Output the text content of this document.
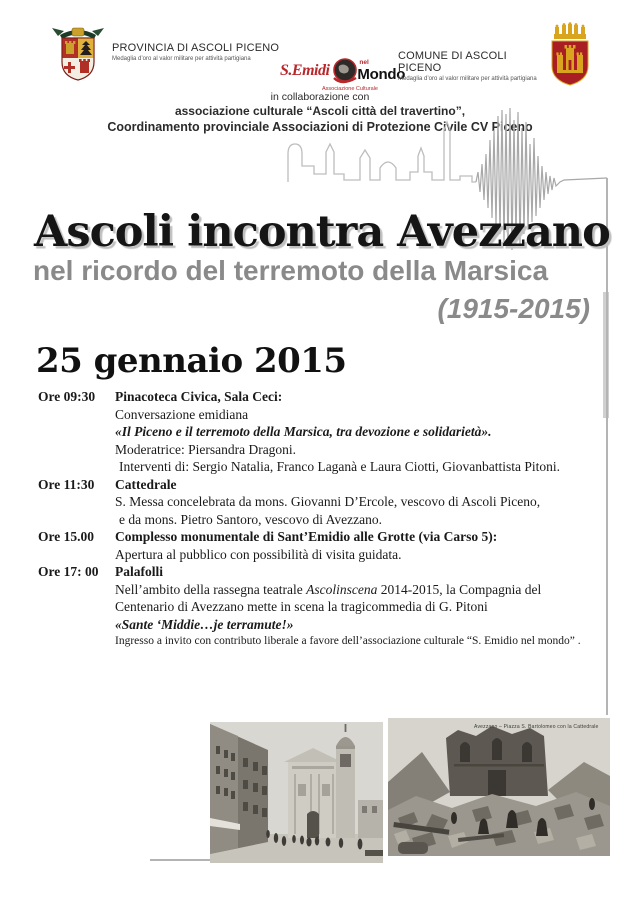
PROVINCIA DI ASCOLI PICENO
Medaglia d’oro al valor militare per attività partigiana
S.Emidi	nel
Mondo
Associazione Culturale
COMUNE DI ASCOLI PICENO
Medaglia d’oro al valor militare per attività partigiana
in collaborazione con
associazione culturale “Ascoli città del travertino”,
Coordinamento provinciale Associazioni di Protezione Civile CV Piceno
Ascoli incontra Avezzano
nel ricordo del terremoto della Marsica
(1915-2015)
25 gennaio 2015
Ore 09:30	Pinacoteca Civica, Sala Ceci:
Conversazione emidiana
«Il Piceno e il terremoto della Marsica, tra devozione e solidarietà».
Moderatrice: Piersandra Dragoni.
Interventi di: Sergio Natalia, Franco Laganà e Laura Ciotti, Giovanbattista Pitoni.
Ore 11:30	Cattedrale
S. Messa concelebrata da mons. Giovanni D’Ercole, vescovo di Ascoli Piceno,
e da mons. Pietro Santoro, vescovo di Avezzano.
Ore 15.00	Complesso monumentale di Sant’Emidio alle Grotte (via Carso 5):
Apertura al pubblico con possibilità di visita guidata.
Ore 17: 00	Palafolli
Nell’ambito della rassegna teatrale Ascolinscena 2014-2015, la Compagnia del
Centenario di Avezzano mette in scena la tragicommedia di G. Pitoni
«Sante ‘Middie…je terramute!»
Ingresso a invito con contributo liberale a favore dell’associazione culturale “S. Emidio nel mondo” .
Avezzano – Piazza S. Bartolomeo con la Cattedrale
